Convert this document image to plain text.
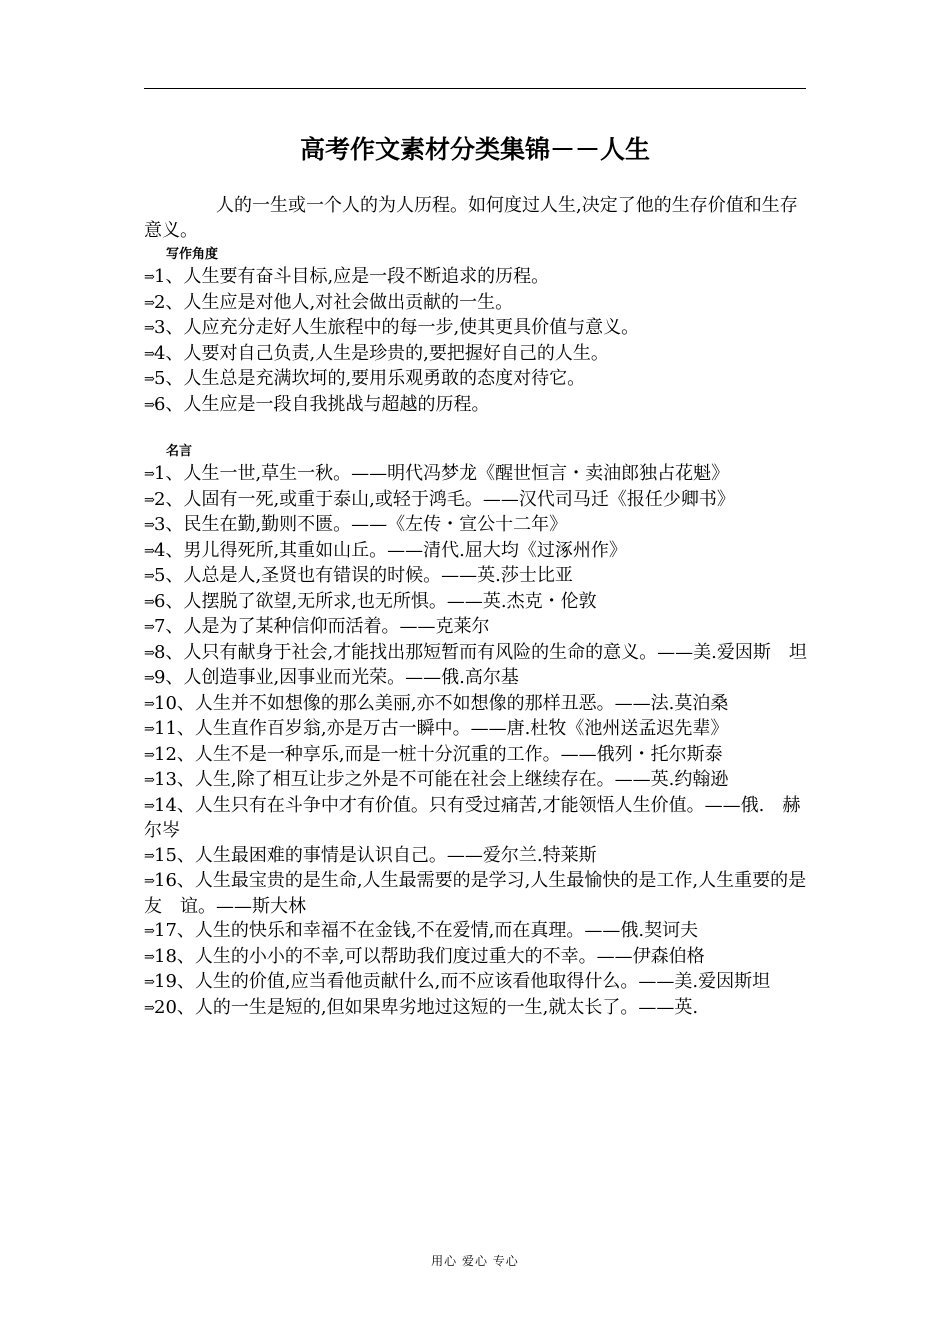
高考作文素材分类集锦－－人生

人的一生或一个人的为人历程。如何度过人生,决定了他的生存价值和生存意义。

写作角度
⇒1、人生要有奋斗目标,应是一段不断追求的历程。
⇒2、人生应是对他人,对社会做出贡献的一生。
⇒3、人应充分走好人生旅程中的每一步,使其更具价值与意义。
⇒4、人要对自己负责,人生是珍贵的,要把握好自己的人生。
⇒5、人生总是充满坎坷的,要用乐观勇敢的态度对待它。
⇒6、人生应是一段自我挑战与超越的历程。
名言
⇒1、人生一世,草生一秋。——明代冯梦龙《醒世恒言・卖油郎独占花魁》
⇒2、人固有一死,或重于泰山,或轻于鸿毛。——汉代司马迁《报任少卿书》
⇒3、民生在勤,勤则不匮。——《左传・宣公十二年》
⇒4、男儿得死所,其重如山丘。——清代.屈大均《过涿州作》
⇒5、人总是人,圣贤也有错误的时候。——英.莎士比亚
⇒6、人摆脱了欲望,无所求,也无所惧。——英.杰克・伦敦
⇒7、人是为了某种信仰而活着。——克莱尔
⇒8、人只有献身于社会,才能找出那短暂而有风险的生命的意义。——美.爱因斯　坦
⇒9、人创造事业,因事业而光荣。——俄.高尔基
⇒10、人生并不如想像的那么美丽,亦不如想像的那样丑恶。——法.莫泊桑
⇒11、人生直作百岁翁,亦是万古一瞬中。——唐.杜牧《池州送孟迟先辈》
⇒12、人生不是一种享乐,而是一桩十分沉重的工作。——俄列・托尔斯泰
⇒13、人生,除了相互让步之外是不可能在社会上继续存在。——英.约翰逊
⇒14、人生只有在斗争中才有价值。只有受过痛苦,才能领悟人生价值。——俄.　赫尔岑
⇒15、人生最困难的事情是认识自己。——爱尔兰.特莱斯
⇒16、人生最宝贵的是生命,人生最需要的是学习,人生最愉快的是工作,人生重要的是友　谊。——斯大林
⇒17、人生的快乐和幸福不在金钱,不在爱情,而在真理。——俄.契诃夫
⇒18、人生的小小的不幸,可以帮助我们度过重大的不幸。——伊森伯格
⇒19、人生的价值,应当看他贡献什么,而不应该看他取得什么。——美.爱因斯坦
⇒20、人的一生是短的,但如果卑劣地过这短的一生,就太长了。——英.
用心 爱心 专心
